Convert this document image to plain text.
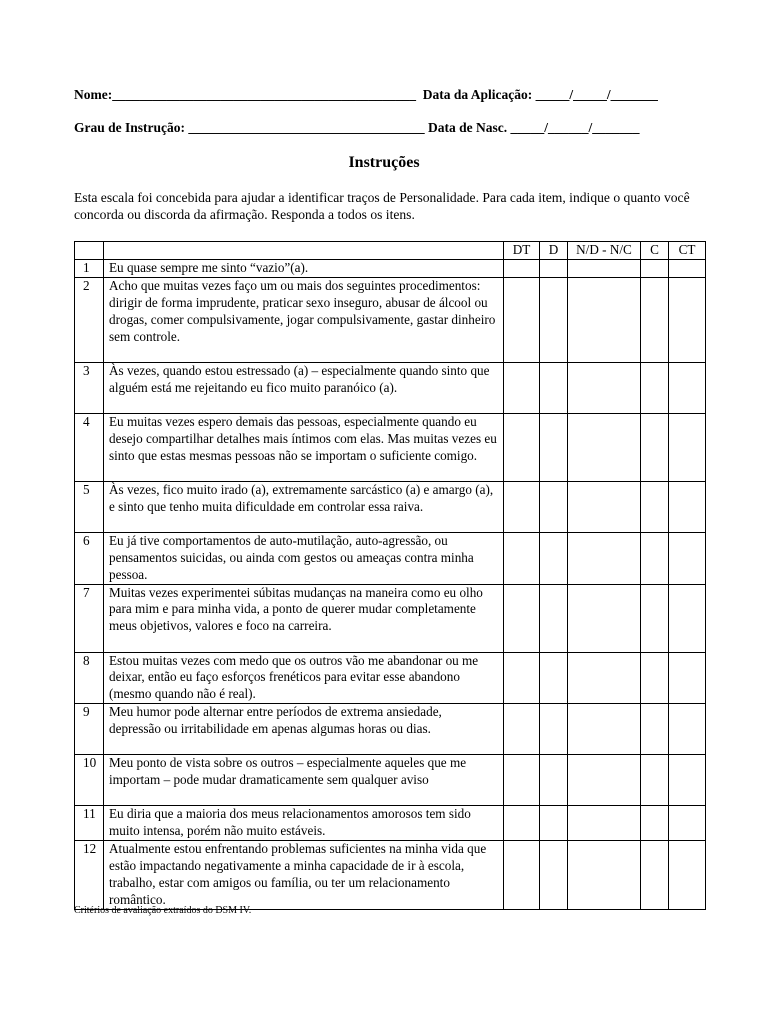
Nome:_____________________________________________  Data da Aplicação: _____/_____/_______
Grau de Instrução: ___________________________________ Data de Nasc. _____/______/_______
Instruções
Esta escala foi concebida para ajudar a identificar traços de Personalidade. Para cada item, indique o quanto você concorda ou discorda da afirmação. Responda a todos os itens.
		DT	D	N/D - N/C	C	CT
1	Eu quase sempre me sinto “vazio”(a).					
2	Acho que muitas vezes faço um ou mais dos seguintes procedimentos: dirigir de forma imprudente, praticar sexo inseguro, abusar de álcool ou drogas, comer compulsivamente, jogar compulsivamente, gastar dinheiro sem controle.					
3	Às vezes, quando estou estressado (a) – especialmente quando sinto que alguém está me rejeitando eu fico muito paranóico (a).					
4	Eu muitas vezes espero demais das pessoas, especialmente quando eu desejo compartilhar detalhes mais íntimos com elas. Mas muitas vezes eu sinto que estas mesmas pessoas não se importam o suficiente comigo.					
5	Às vezes, fico muito irado (a), extremamente sarcástico (a) e amargo (a), e sinto que tenho muita dificuldade em controlar essa raiva.					
6	Eu já tive comportamentos de auto-mutilação, auto-agressão, ou pensamentos suicidas, ou ainda com gestos ou ameaças contra minha pessoa.					
7	Muitas vezes experimentei súbitas mudanças na maneira como eu olho para mim e para minha vida, a ponto de querer mudar completamente meus objetivos, valores e foco na carreira.					
8	Estou muitas vezes com medo que os outros vão me abandonar ou me deixar, então eu faço esforços frenéticos para evitar esse abandono (mesmo quando não é real).					
9	Meu humor pode alternar entre períodos de extrema ansiedade, depressão ou irritabilidade em apenas algumas horas ou dias.					
10	Meu ponto de vista sobre os outros – especialmente aqueles que me importam – pode mudar dramaticamente sem qualquer aviso					
11	Eu diria que a maioria dos meus relacionamentos amorosos tem sido muito intensa, porém não muito estáveis.					
12	Atualmente estou enfrentando problemas suficientes na minha vida que estão impactando negativamente a minha capacidade de ir à escola, trabalho, estar com amigos ou família, ou ter um relacionamento romântico.					
Critérios de avaliação extraídos do DSM IV.
